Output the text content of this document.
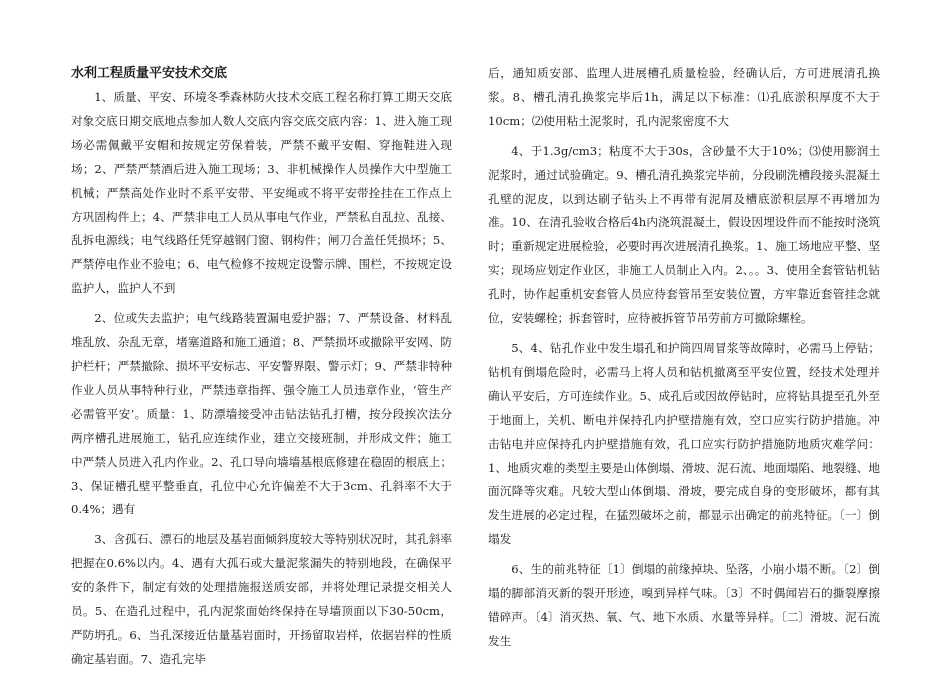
水利工程质量平安技术交底

1、质量、平安、环境冬季森林防火技术交底工程名称打算工期天交底对象交底日期交底地点参加人数人交底内容交底交底内容：1、进入施工现场必需佩戴平安帽和按规定劳保着装，严禁不戴平安帽、穿拖鞋进入现场；2、严禁严禁酒后进入施工现场；3、非机械操作人员操作大中型施工机械；严禁高处作业时不系平安带、平安绳或不将平安带拴挂在工作点上方巩固构件上；4、严禁非电工人员从事电气作业，严禁私自乱拉、乱接、乱拆电源线；电气线路任凭穿越钢门窗、钢构件；闸刀合盖任凭损坏；5、严禁停电作业不验电；6、电气检修不按规定设警示牌、围栏，不按规定设监护人，监护人不到

2、位或失去监护；电气线路装置漏电爱护器；7、严禁设备、材料乱堆乱放、杂乱无章，堵塞道路和施工通道；8、严禁损坏或撤除平安网、防护栏杆；严禁撤除、损坏平安标志、平安警界限、警示灯；9、严禁非特种作业人员从事特种行业，严禁违章指挥、强令施工人员违章作业，‘管生产必需管平安’。质量：1、防漂墙接受冲击钻法钻孔打槽，按分段挨次法分两序槽孔进展施工，钻孔应连续作业，建立交接班制，并形成文件；施工中严禁人员进入孔内作业。2、孔口导向墙墙基根底修建在稳固的根底上；3、保证槽孔壁平整垂直，孔位中心允许偏差不大于3cm、孔斜率不大于0.4%；遇有

3、含孤石、漂石的地层及基岩面倾斜度较大等特别状况时，其孔斜率把握在0.6%以内。4、遇有大孤石或大量泥浆漏失的特别地段，在确保平安的条件下，制定有效的处理措施报送质安部，并将处理记录提交相关人员。5、在造孔过程中，孔内泥浆面始终保持在导墙顶面以下30-50cm，严防坍孔。6、当孔深接近估量基岩面时，开扬留取岩样，依据岩样的性质确定基岩面。7、造孔完毕

后，通知质安部、监理人进展槽孔质量检验，经确认后，方可进展清孔换浆。8、槽孔清孔换浆完毕后1h，满足以下标准：⑴孔底淤积厚度不大于10cm；⑵使用粘土泥浆时，孔内泥浆密度不大

4、于1.3g/cm3；粘度不大于30s，含砂量不大于10%；⑶使用膨润土泥浆时，通过试验确定。9、槽孔清孔换浆完毕前，分段刷洗槽段接头混凝土孔壁的泥皮，以到达刷子钻头上不再带有泥屑及槽底淤积层厚不再增加为准。10、在清孔验收合格后4h内浇筑混凝土，假设因埋设件而不能按时浇筑时；重新规定进展检验，必要时再次进展清孔换浆。1、施工场地应平整、坚实；现场应划定作业区，非施工人员制止入内。2、。。3、使用全套管钻机钻孔时，协作起重机安套管人员应待套管吊至安装位置，方牢靠近套管挂念就位，安装螺栓；拆套管时，应待被拆管节吊劳前方可撤除螺栓。

5、4、钻孔作业中发生塌孔和护筒四周冒浆等故障时，必需马上停钻；钻机有倒塌危险时，必需马上将人员和钻机撤离至平安位置，经技术处理并确认平安后，方可连续作业。5、成孔后或因故停钻时，应将钻具提至孔外至于地面上，关机、断电并保持孔内护壁措施有效，空口应实行防护措施。冲击钻电并应保持孔内护壁措施有效，孔口应实行防护措施防地质灾难学问：1、地质灾难的类型主要是山体倒塌、滑坡、泥石流、地面塌陷、地裂缝、地面沉降等灾难。凡较大型山体倒塌、滑坡，要完成自身的变形破坏，都有其发生进展的必定过程，在猛烈破坏之前，都显示出确定的前兆特征。〔一〕倒塌发

6、生的前兆特征〔1〕倒塌的前缘掉块、坠落，小崩小塌不断。〔2〕倒塌的脚部消灭新的裂开形迹，嗅到异样气味。〔3〕不时偶闻岩石的撕裂摩擦错碎声。〔4〕消灭热、氧、气、地下水质、水量等异样。〔二〕滑坡、泥石流发生
